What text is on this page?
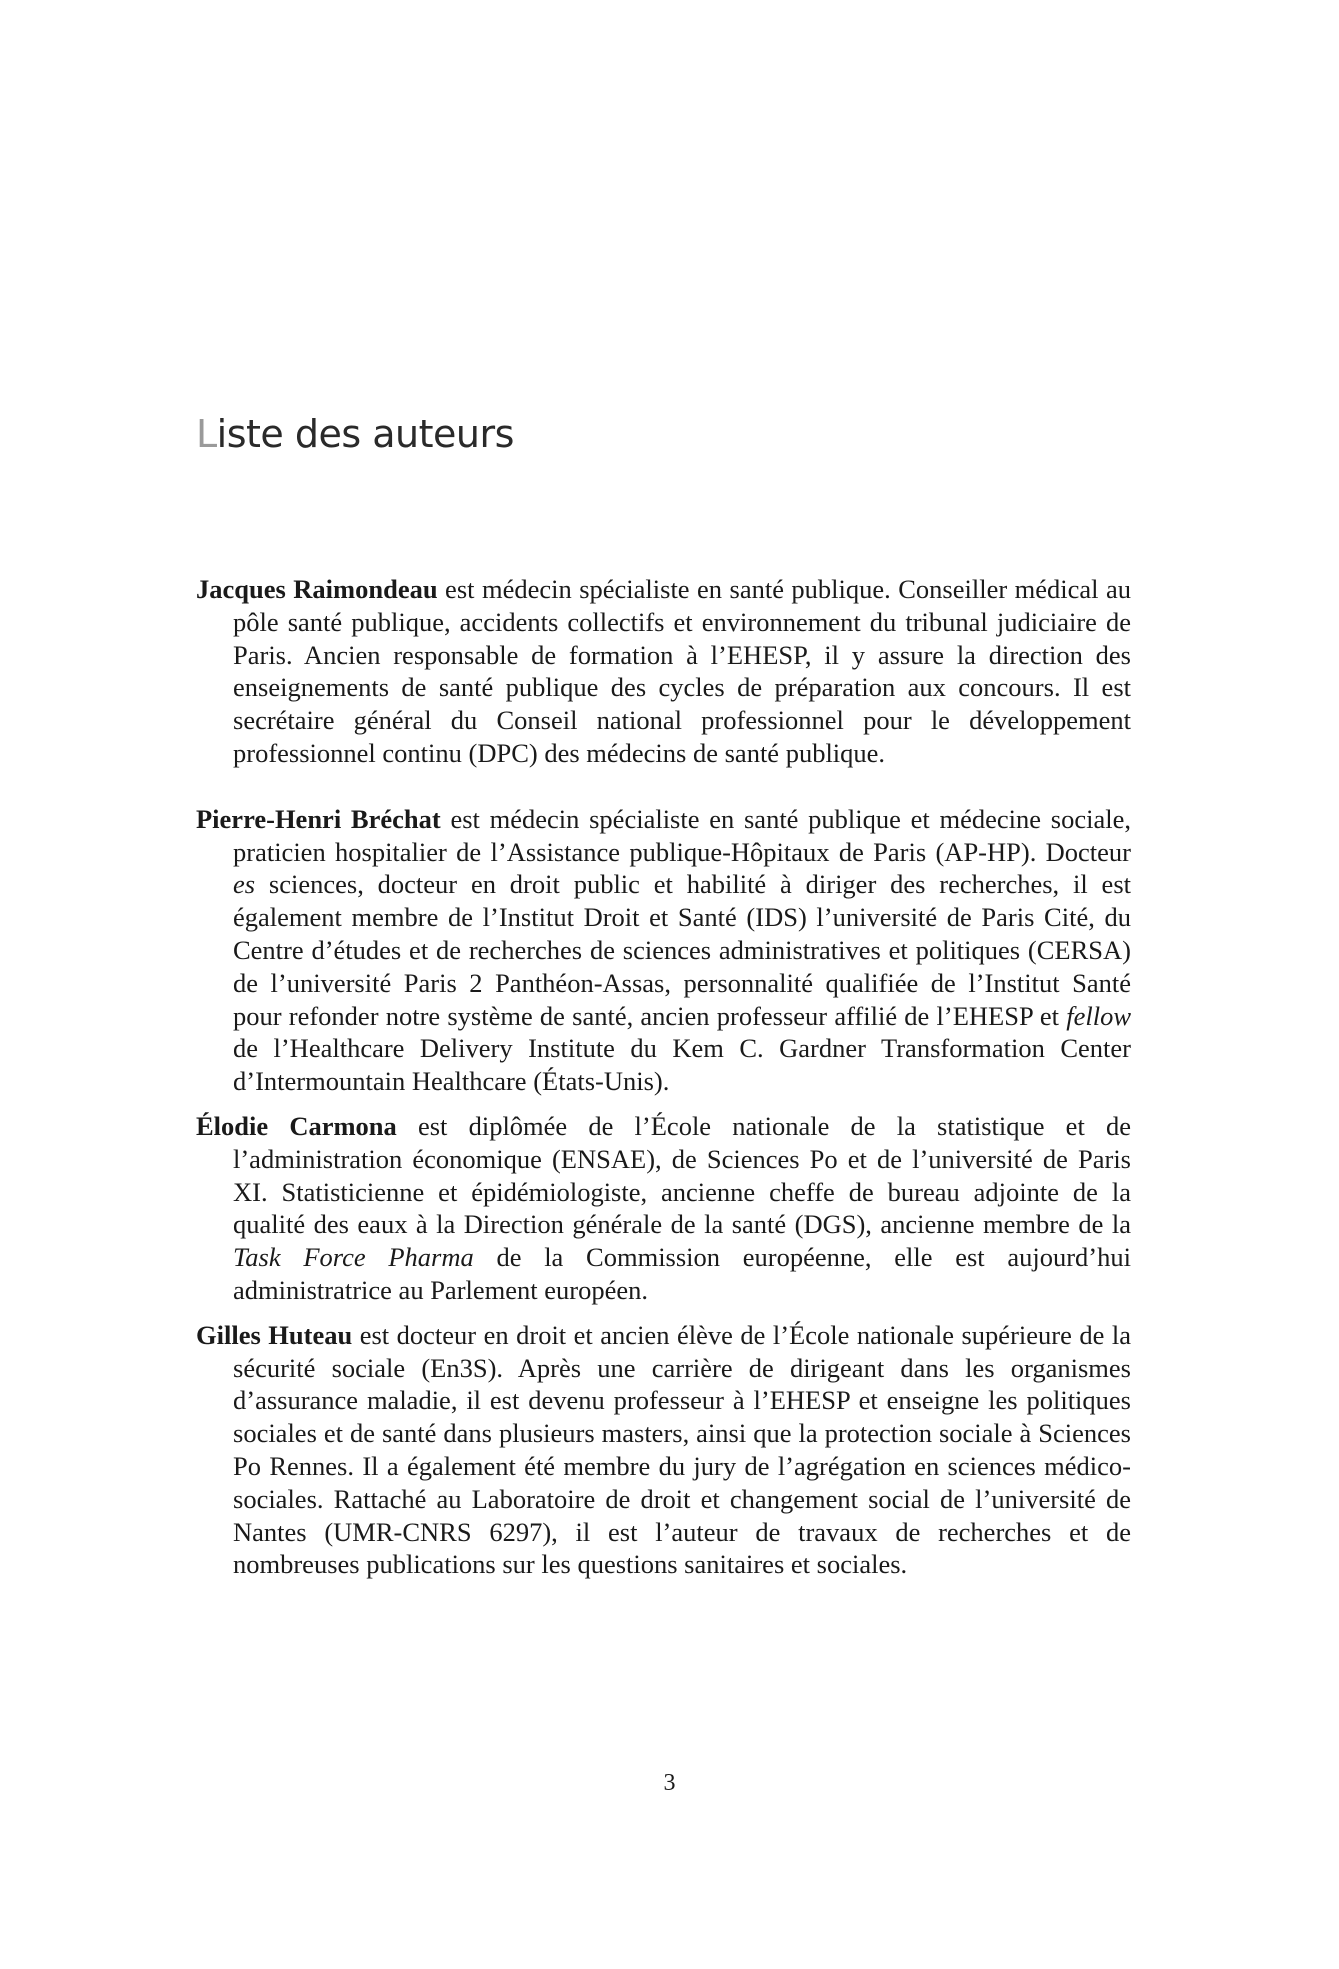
Liste des auteurs

Jacques Raimondeau est médecin spécialiste en santé publique. Conseiller médical au pôle santé publique, accidents collectifs et environnement du tribunal judiciaire de Paris. Ancien responsable de formation à l’EHESP, il y assure la direction des enseignements de santé publique des cycles de préparation aux concours. Il est secrétaire général du Conseil national professionnel pour le développement professionnel continu (DPC) des médecins de santé publique.

Pierre-Henri Bréchat est médecin spécialiste en santé publique et médecine sociale, praticien hospitalier de l’Assistance publique-Hôpitaux de Paris (AP-HP). Docteur es sciences, docteur en droit public et habilité à diriger des recherches, il est également membre de l’Institut Droit et Santé (IDS) l’université de Paris Cité, du Centre d’études et de recherches de sciences administratives et politiques (CERSA) de l’université Paris 2 Panthéon-Assas, personnalité qualifiée de l’Institut Santé pour refonder notre système de santé, ancien professeur affilié de l’EHESP et fellow de l’Healthcare Delivery Institute du Kem C. Gardner Transformation Center d’Intermountain Healthcare (États-Unis).

Élodie Carmona est diplômée de l’École nationale de la statistique et de l’administration économique (ENSAE), de Sciences Po et de l’université de Paris XI. Statisticienne et épidémiologiste, ancienne cheffe de bureau adjointe de la qualité des eaux à la Direction générale de la santé (DGS), ancienne membre de la Task Force Pharma de la Commission européenne, elle est aujourd’hui administratrice au Parlement européen.

Gilles Huteau est docteur en droit et ancien élève de l’École nationale supérieure de la sécurité sociale (En3S). Après une carrière de dirigeant dans les organismes d’assurance maladie, il est devenu professeur à l’EHESP et enseigne les politiques sociales et de santé dans plusieurs masters, ainsi que la protection sociale à Sciences Po Rennes. Il a également été membre du jury de l’agrégation en sciences médico-sociales. Rattaché au Laboratoire de droit et changement social de l’université de Nantes (UMR-CNRS 6297), il est l’auteur de travaux de recherches et de nombreuses publications sur les questions sanitaires et sociales.

3
